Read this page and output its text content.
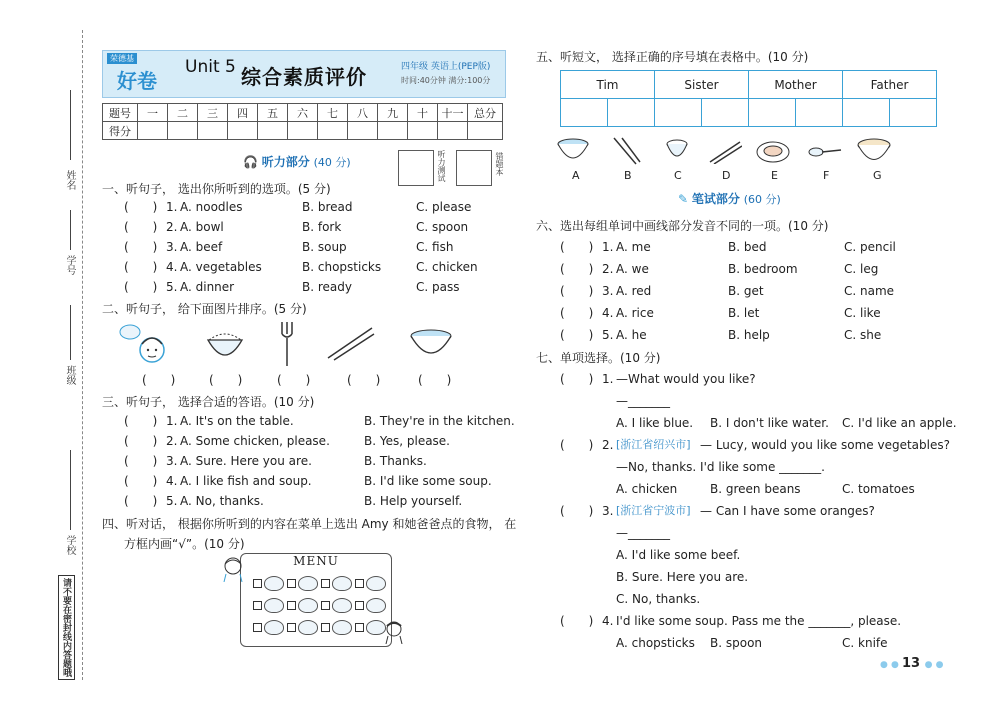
姓名
学号
班级
学校
请不要在密封线内答题哦
荣德基
好卷
Unit 5 综合素质评价	四年级 英语上(PEP版)
时间:40分钟 满分:100分
题号	一	二	三	四	五	六	七	八	九	十	十一	总分
得分												
🎧 听力部分 (40 分)	听力测试	错题本
一、听句子， 选出你所听到的选项。(5 分)
(　　) 1. A. noodles	B. bread	C. please
(　　) 2. A. bowl	B. fork	C. spoon
(　　) 3. A. beef	B. soup	C. fish
(　　) 4. A. vegetables	B. chopsticks	C. chicken
(　　) 5. A. dinner	B. ready	C. pass
二、听句子， 给下面图片排序。(5 分)
(　　)	(　　)	(　　)	(　　)	(　　)
三、听句子， 选择合适的答语。(10 分)
(　　) 1. A. It's on the table.	B. They're in the kitchen.
(　　) 2. A. Some chicken, please.	B. Yes, please.
(　　) 3. A. Sure. Here you are.	B. Thanks.
(　　) 4. A. I like fish and soup.	B. I'd like some soup.
(　　) 5. A. No, thanks.	B. Help yourself.
四、听对话， 根据你所听到的内容在菜单上选出 Amy 和她爸爸点的食物， 在
方框内画“√”。(10 分)
MENU
五、听短文， 选择正确的序号填在表格中。(10 分)
Tim		Sister		Mother		Father	

A	B	C	D	E	F	G
✎ 笔试部分 (60 分)
六、选出每组单词中画线部分发音不同的一项。(10 分)
(　　) 1. A. me	B. bed	C. pencil
(　　) 2. A. we	B. bedroom	C. leg
(　　) 3. A. red	B. get	C. name
(　　) 4. A. rice	B. let	C. like
(　　) 5. A. he	B. help	C. she
七、单项选择。(10 分)
(　　) 1. —What would you like?
—_______
A. I like blue. B. I don't like water. C. I'd like an apple.
(　　) 2. [浙江省绍兴市] — Lucy, would you like some vegetables?
—No, thanks. I'd like some _______.
A. chicken	B. green beans	C. tomatoes
(　　) 3. [浙江省宁波市] — Can I have some oranges?
—_______
A. I'd like some beef.
B. Sure. Here you are.
C. No, thanks.
(　　) 4. I'd like some soup. Pass me the _______, please.
A. chopsticks B. spoon	C. knife
● ● 13 ● ●
